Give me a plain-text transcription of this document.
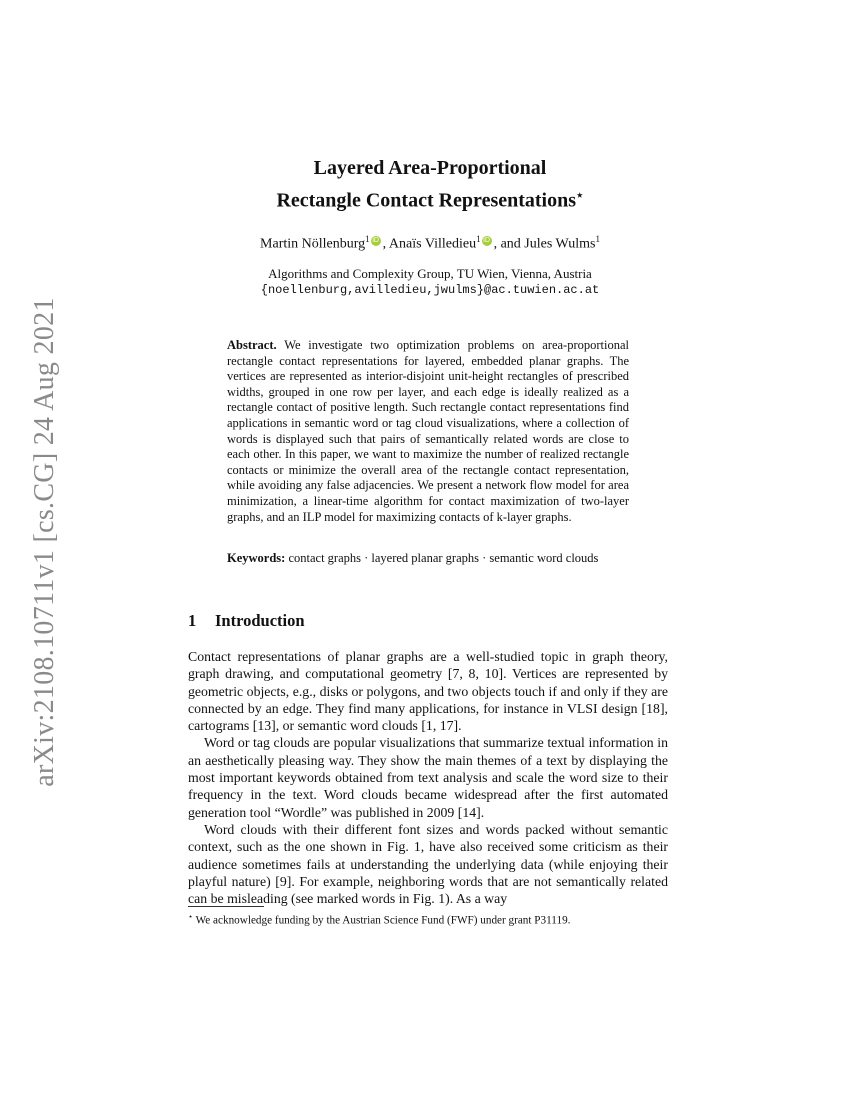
arXiv:2108.10711v1 [cs.CG] 24 Aug 2021
Layered Area-Proportional
Rectangle Contact Representations⋆
Martin Nöllenburg$^1$ iD , Anaïs Villedieu$^1$ iD , and Jules Wulms$^1$
Algorithms and Complexity Group, TU Wien, Vienna, Austria
{noellenburg,avilledieu,jwulms}@ac.tuwien.ac.at
Abstract. We investigate two optimization problems on area-proportional rectangle contact representations for layered, embedded planar graphs. The vertices are represented as interior-disjoint unit-height rectangles of prescribed widths, grouped in one row per layer, and each edge is ideally realized as a rectangle contact of positive length. Such rectangle contact representations find applications in semantic word or tag cloud visualizations, where a collection of words is displayed such that pairs of semantically related words are close to each other. In this paper, we want to maximize the number of realized rectangle contacts or minimize the overall area of the rectangle contact representation, while avoiding any false adjacencies. We present a network flow model for area minimization, a linear-time algorithm for contact maximization of two-layer graphs, and an ILP model for maximizing contacts of k-layer graphs.
Keywords: contact graphs · layered planar graphs · semantic word clouds
1 Introduction

Contact representations of planar graphs are a well-studied topic in graph theory, graph drawing, and computational geometry [7, 8, 10]. Vertices are represented by geometric objects, e.g., disks or polygons, and two objects touch if and only if they are connected by an edge. They find many applications, for instance in VLSI design [18], cartograms [13], or semantic word clouds [1, 17].

Word or tag clouds are popular visualizations that summarize textual information in an aesthetically pleasing way. They show the main themes of a text by displaying the most important keywords obtained from text analysis and scale the word size to their frequency in the text. Word clouds became widespread after the first automated generation tool “Wordle” was published in 2009 [14].

Word clouds with their different font sizes and words packed without semantic context, such as the one shown in Fig. 1, have also received some criticism as their audience sometimes fails at understanding the underlying data (while enjoying their playful nature) [9]. For example, neighboring words that are not semantically related can be misleading (see marked words in Fig. 1). As a way

⋆ We acknowledge funding by the Austrian Science Fund (FWF) under grant P31119.
